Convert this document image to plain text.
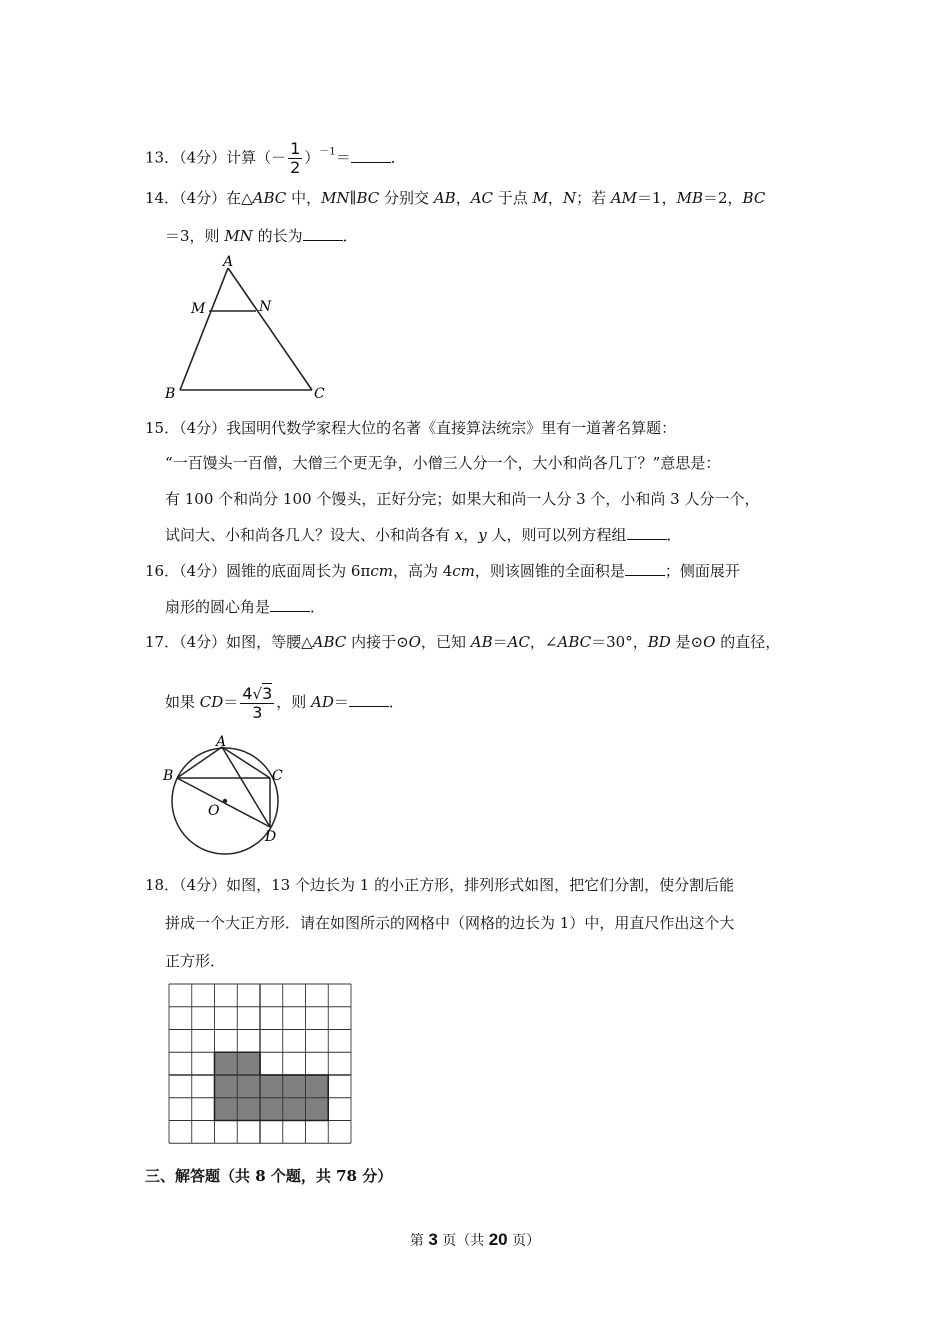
13．（4分）计算（－ $\frac{1}{2} )^{-1}=$	．
14．（4分）在△ABC 中，MN∥BC 分别交 AB，AC 于点 M，N；若 AM＝1，MB＝2，BC
＝3，则 MN 的长为	．
A
M	N
B	C
15．（4分）我国明代数学家程大位的名著《直接算法统宗》里有一道著名算题：
“一百馒头一百僧，大僧三个更无争，小僧三人分一个，大小和尚各几丁？”意思是：
有 100 个和尚分 100 个馒头，正好分完；如果大和尚一人分 3 个，小和尚 3 人分一个，
试问大、小和尚各几人？设大、小和尚各有 x，y 人，则可以列方程组	．
16．（4分）圆锥的底面周长为 6πcm，高为 4cm，则该圆锥的全面积是	；侧面展开
扇形的圆心角是	．
17．（4分）如图，等腰△ABC 内接于⊙O，已知 AB＝AC，∠ABC＝30°，BD 是⊙O 的直径，
如果 $CD= \frac{4√3}{3}$ ，则 AD＝	．
A
B	C
O
D
18．（4分）如图，13 个边长为 1 的小正方形，排列形式如图，把它们分割，使分割后能
拼成一个大正方形．请在如图所示的网格中（网格的边长为 1）中，用直尺作出这个大
正方形．
三、解答题（共 8 个题，共 78 分）
第 3 页（共 20 页）
